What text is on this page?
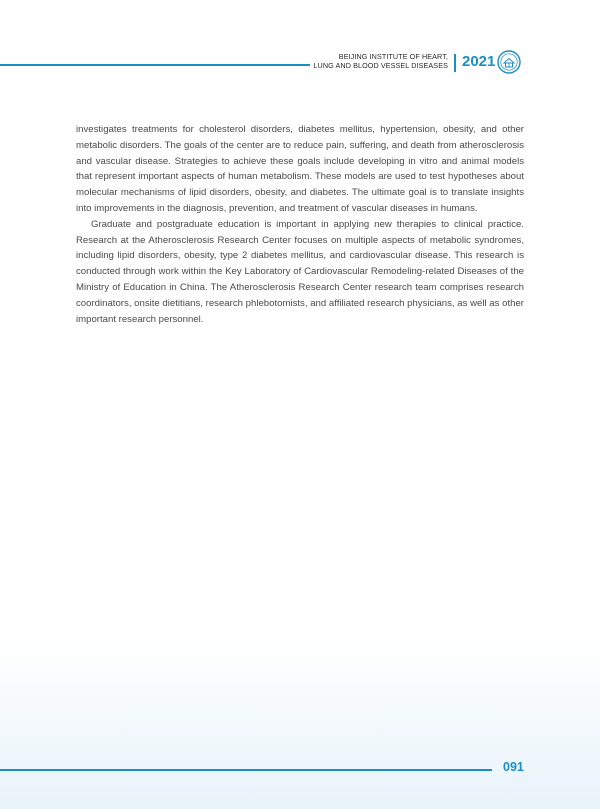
BEIJING INSTITUTE OF HEART,
LUNG AND BLOOD VESSEL DISEASES 2021

investigates treatments for cholesterol disorders, diabetes mellitus, hypertension, obesity, and other metabolic disorders. The goals of the center are to reduce pain, suffering, and death from atherosclerosis and vascular disease. Strategies to achieve these goals include developing in vitro and animal models that represent important aspects of human metabolism. These models are used to test hypotheses about molecular mechanisms of lipid disorders, obesity, and diabetes. The ultimate goal is to translate insights into improvements in the diagnosis, prevention, and treatment of vascular diseases in humans.

Graduate and postgraduate education is important in applying new therapies to clinical practice. Research at the Atherosclerosis Research Center focuses on multiple aspects of metabolic syndromes, including lipid disorders, obesity, type 2 diabetes mellitus, and cardiovascular disease. This research is conducted through work within the Key Laboratory of Cardiovascular Remodeling-related Diseases of the Ministry of Education in China. The Atherosclerosis Research Center research team comprises research coordinators, onsite dietitians, research phlebotomists, and affiliated research physicians, as well as other important research personnel.

091
